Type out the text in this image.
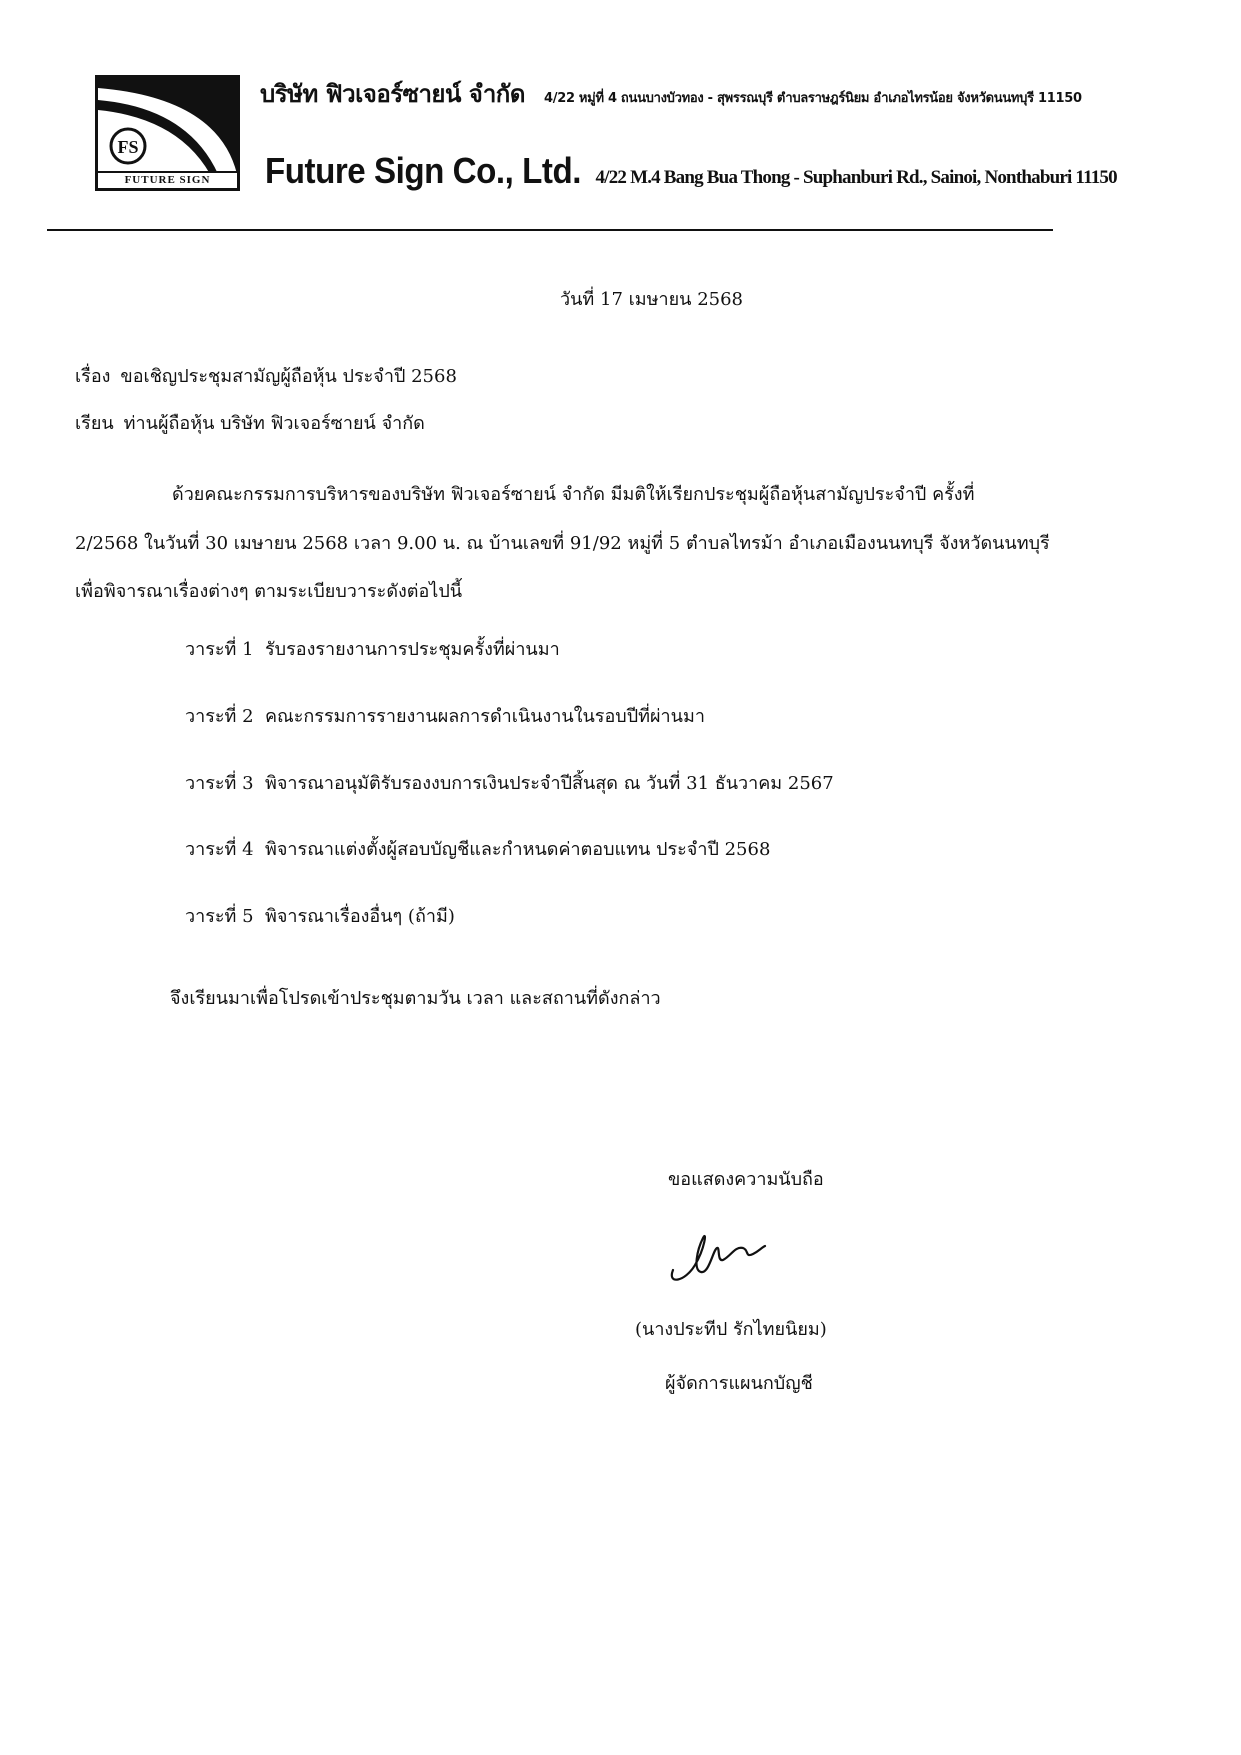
FS
FUTURE SIGN
บริษัท ฟิวเจอร์ซายน์ จำกัด 4/22 หมู่ที่ 4 ถนนบางบัวทอง - สุพรรณบุรี ตำบลราษฎร์นิยม อำเภอไทรน้อย จังหวัดนนทบุรี 11150
Future Sign Co., Ltd. 4/22 M.4 Bang Bua Thong - Suphanburi Rd., Sainoi, Nonthaburi 11150
วันที่ 17 เมษายน 2568
เรื่อง ขอเชิญประชุมสามัญผู้ถือหุ้น ประจำปี 2568
เรียน ท่านผู้ถือหุ้น บริษัท ฟิวเจอร์ซายน์ จำกัด
ด้วยคณะกรรมการบริหารของบริษัท ฟิวเจอร์ซายน์ จำกัด มีมติให้เรียกประชุมผู้ถือหุ้นสามัญประจำปี ครั้งที่
2/2568 ในวันที่ 30 เมษายน 2568 เวลา 9.00 น. ณ บ้านเลขที่ 91/92 หมู่ที่ 5 ตำบลไทรม้า อำเภอเมืองนนทบุรี จังหวัดนนทบุรี
เพื่อพิจารณาเรื่องต่างๆ ตามระเบียบวาระดังต่อไปนี้
วาระที่ 1 รับรองรายงานการประชุมครั้งที่ผ่านมา
วาระที่ 2 คณะกรรมการรายงานผลการดำเนินงานในรอบปีที่ผ่านมา
วาระที่ 3 พิจารณาอนุมัติรับรองงบการเงินประจำปีสิ้นสุด ณ วันที่ 31 ธันวาคม 2567
วาระที่ 4 พิจารณาแต่งตั้งผู้สอบบัญชีและกำหนดค่าตอบแทน ประจำปี 2568
วาระที่ 5 พิจารณาเรื่องอื่นๆ (ถ้ามี)
จึงเรียนมาเพื่อโปรดเข้าประชุมตามวัน เวลา และสถานที่ดังกล่าว
ขอแสดงความนับถือ
(นางประทีป รักไทยนิยม)
ผู้จัดการแผนกบัญชี
